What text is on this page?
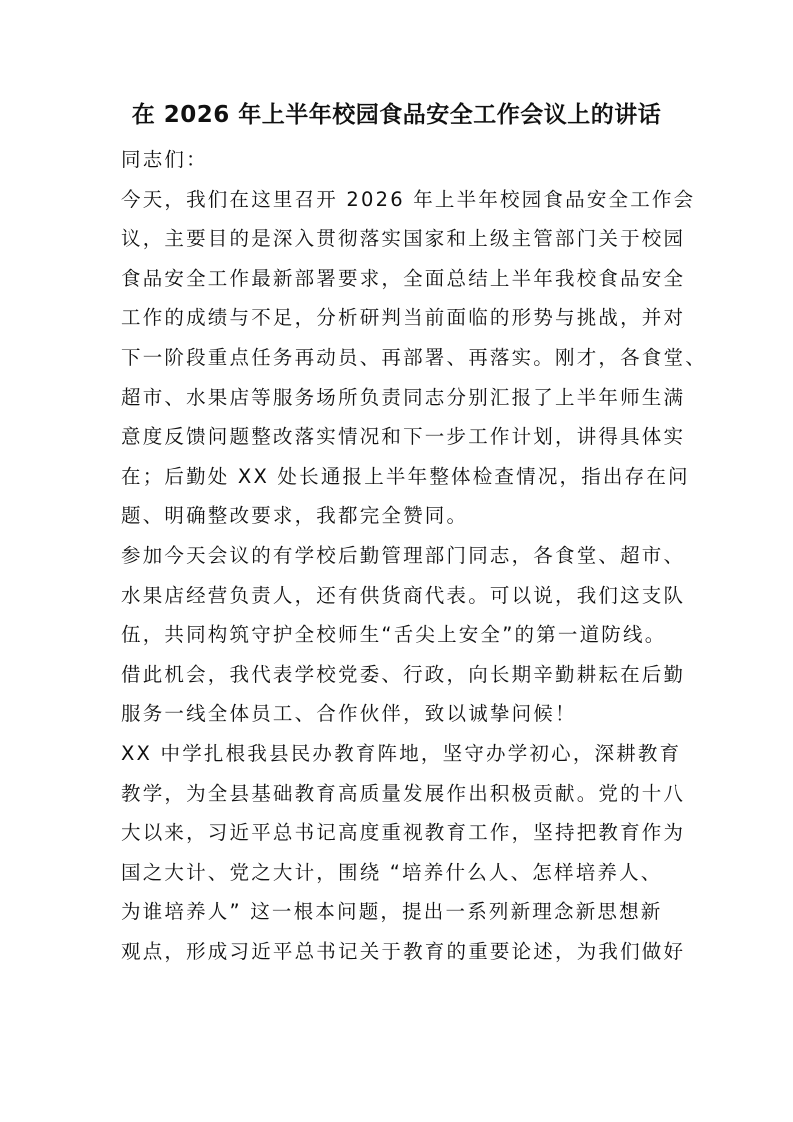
在 2026 年上半年校园食品安全工作会议上的讲话
同志们：
今天，我们在这里召开 2026 年上半年校园食品安全工作会
议，主要目的是深入贯彻落实国家和上级主管部门关于校园
食品安全工作最新部署要求，全面总结上半年我校食品安全
工作的成绩与不足，分析研判当前面临的形势与挑战，并对
下一阶段重点任务再动员、再部署、再落实。刚才，各食堂、
超市、水果店等服务场所负责同志分别汇报了上半年师生满
意度反馈问题整改落实情况和下一步工作计划，讲得具体实
在；后勤处 XX 处长通报上半年整体检查情况，指出存在问
题、明确整改要求，我都完全赞同。
参加今天会议的有学校后勤管理部门同志，各食堂、超市、
水果店经营负责人，还有供货商代表。可以说，我们这支队
伍，共同构筑守护全校师生“舌尖上安全”的第一道防线。
借此机会，我代表学校党委、行政，向长期辛勤耕耘在后勤
服务一线全体员工、合作伙伴，致以诚挚问候！
XX 中学扎根我县民办教育阵地，坚守办学初心，深耕教育
教学，为全县基础教育高质量发展作出积极贡献。党的十八
大以来，习近平总书记高度重视教育工作，坚持把教育作为
国之大计、党之大计，围绕 “培养什么人、怎样培养人、
为谁培养人” 这一根本问题，提出一系列新理念新思想新
观点，形成习近平总书记关于教育的重要论述，为我们做好
